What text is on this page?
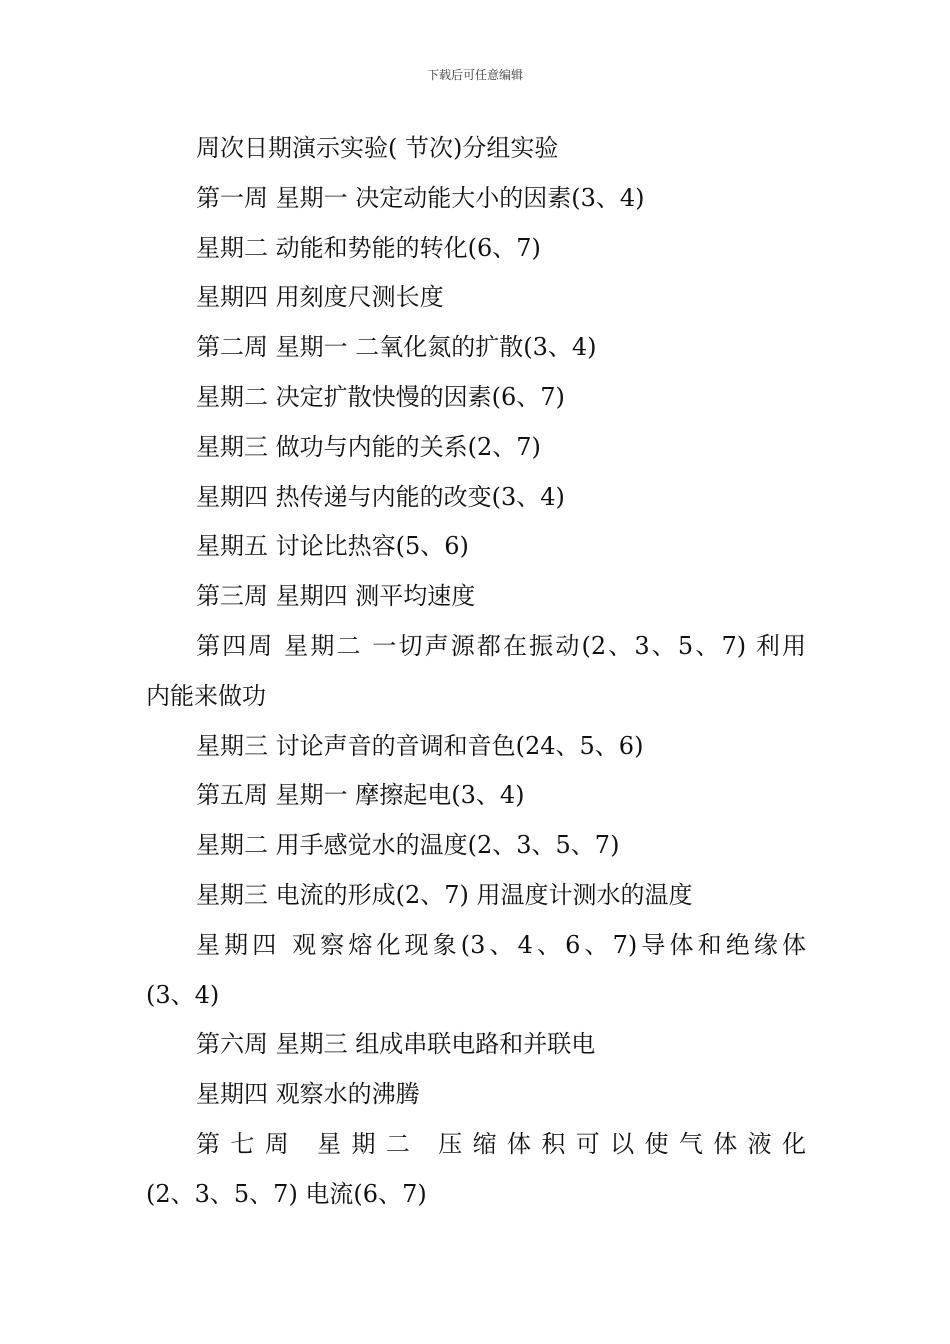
下载后可任意编辑
周次日期演示实验( 节次)分组实验
第一周 星期一 决定动能大小的因素(3、4)
星期二 动能和势能的转化(6、7)
星期四 用刻度尺测长度
第二周 星期一 二氧化氮的扩散(3、4)
星期二 决定扩散快慢的因素(6、7)
星期三 做功与内能的关系(2、7)
星期四 热传递与内能的改变(3、4)
星期五 讨论比热容(5、6)
第三周 星期四 测平均速度
第四周 星期二 一切声源都在振动(2、3、5、7) 利用
内能来做功
星期三 讨论声音的音调和音色(24、5、6)
第五周 星期一 摩擦起电(3、4)
星期二 用手感觉水的温度(2、3、5、7)
星期三 电流的形成(2、7) 用温度计测水的温度
星期四 观察熔化现象(3、4、6、7)导体和绝缘体
(3、4)
第六周 星期三 组成串联电路和并联电
星期四 观察水的沸腾
第七周 星期二 压缩体积可以使气体液化
(2、3、5、7) 电流(6、7)
